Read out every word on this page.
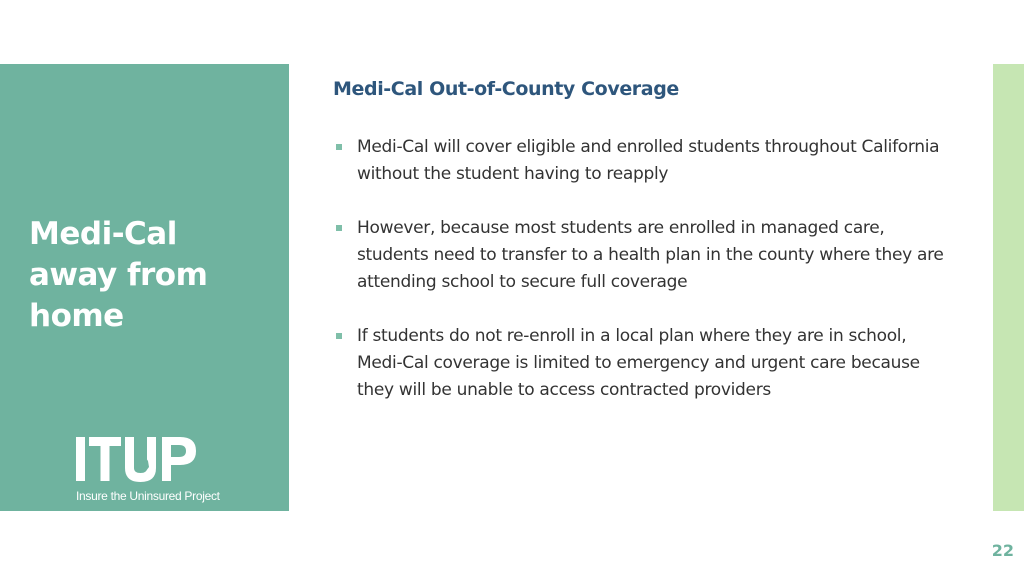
Medi-Cal
away from
home
Insure the Uninsured Project
Medi-Cal Out-of-County Coverage
Medi-Cal will cover eligible and enrolled students throughout California without the student having to reapply
However, because most students are enrolled in managed care, students need to transfer to a health plan in the county where they are attending school to secure full coverage
If students do not re-enroll in a local plan where they are in school, Medi-Cal coverage is limited to emergency and urgent care because they will be unable to access contracted providers
22
